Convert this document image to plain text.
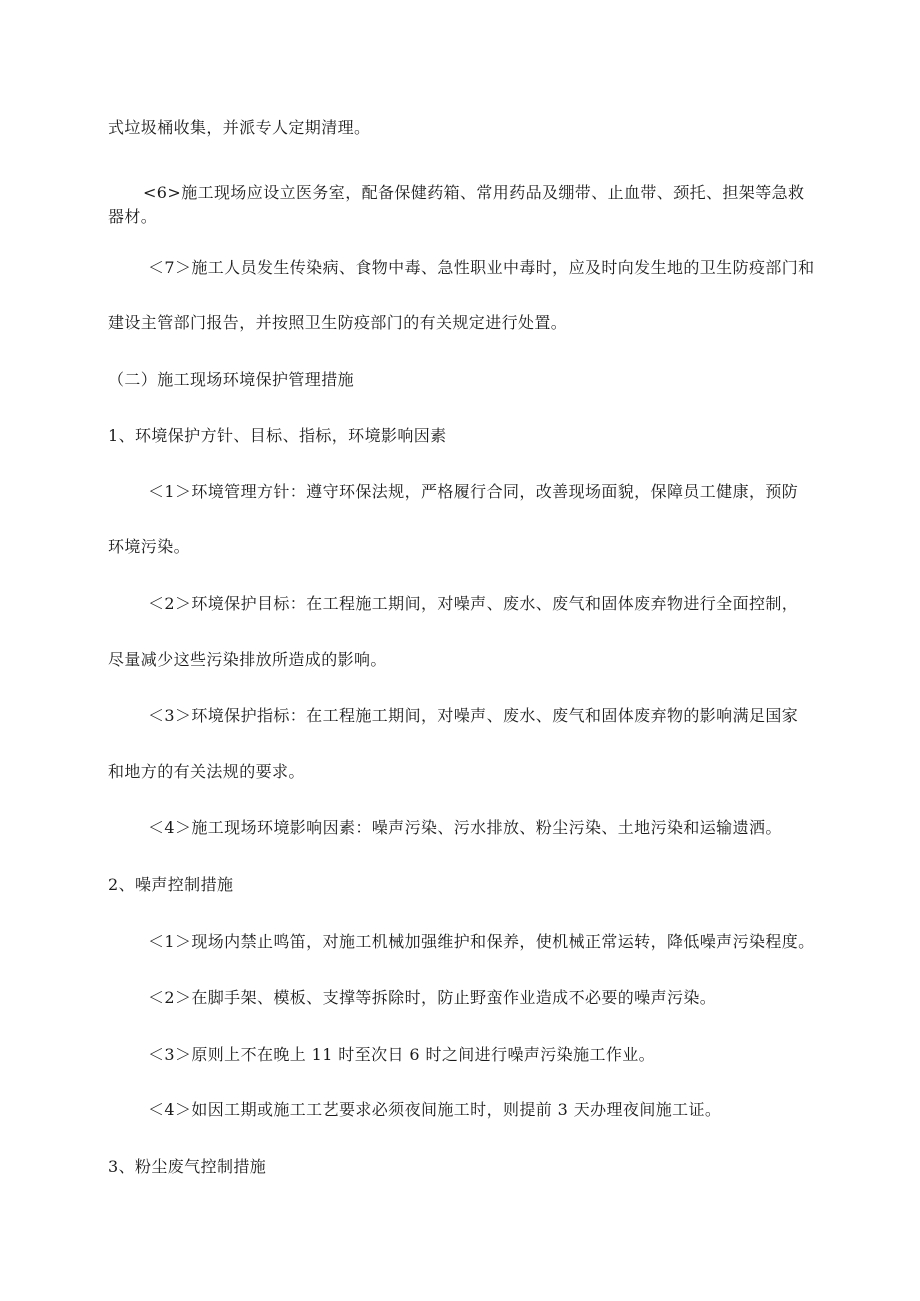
式垃圾桶收集，并派专人定期清理。

<6>施工现场应设立医务室，配备保健药箱、常用药品及绷带、止血带、颈托、担架等急救

器材。

＜7＞施工人员发生传染病、食物中毒、急性职业中毒时，应及时向发生地的卫生防疫部门和

建设主管部门报告，并按照卫生防疫部门的有关规定进行处置。

（二）施工现场环境保护管理措施

1、环境保护方针、目标、指标，环境影响因素

＜1＞环境管理方针：遵守环保法规，严格履行合同，改善现场面貌，保障员工健康，预防

环境污染。

＜2＞环境保护目标：在工程施工期间，对噪声、废水、废气和固体废弃物进行全面控制，

尽量减少这些污染排放所造成的影响。

＜3＞环境保护指标：在工程施工期间，对噪声、废水、废气和固体废弃物的影响满足国家

和地方的有关法规的要求。

＜4＞施工现场环境影响因素：噪声污染、污水排放、粉尘污染、土地污染和运输遗洒。

2、噪声控制措施

＜1＞现场内禁止鸣笛，对施工机械加强维护和保养，使机械正常运转，降低噪声污染程度。

＜2＞在脚手架、模板、支撑等拆除时，防止野蛮作业造成不必要的噪声污染。

＜3＞原则上不在晚上 11 时至次日 6 时之间进行噪声污染施工作业。

＜4＞如因工期或施工工艺要求必须夜间施工时，则提前 3 天办理夜间施工证。

3、粉尘废气控制措施
